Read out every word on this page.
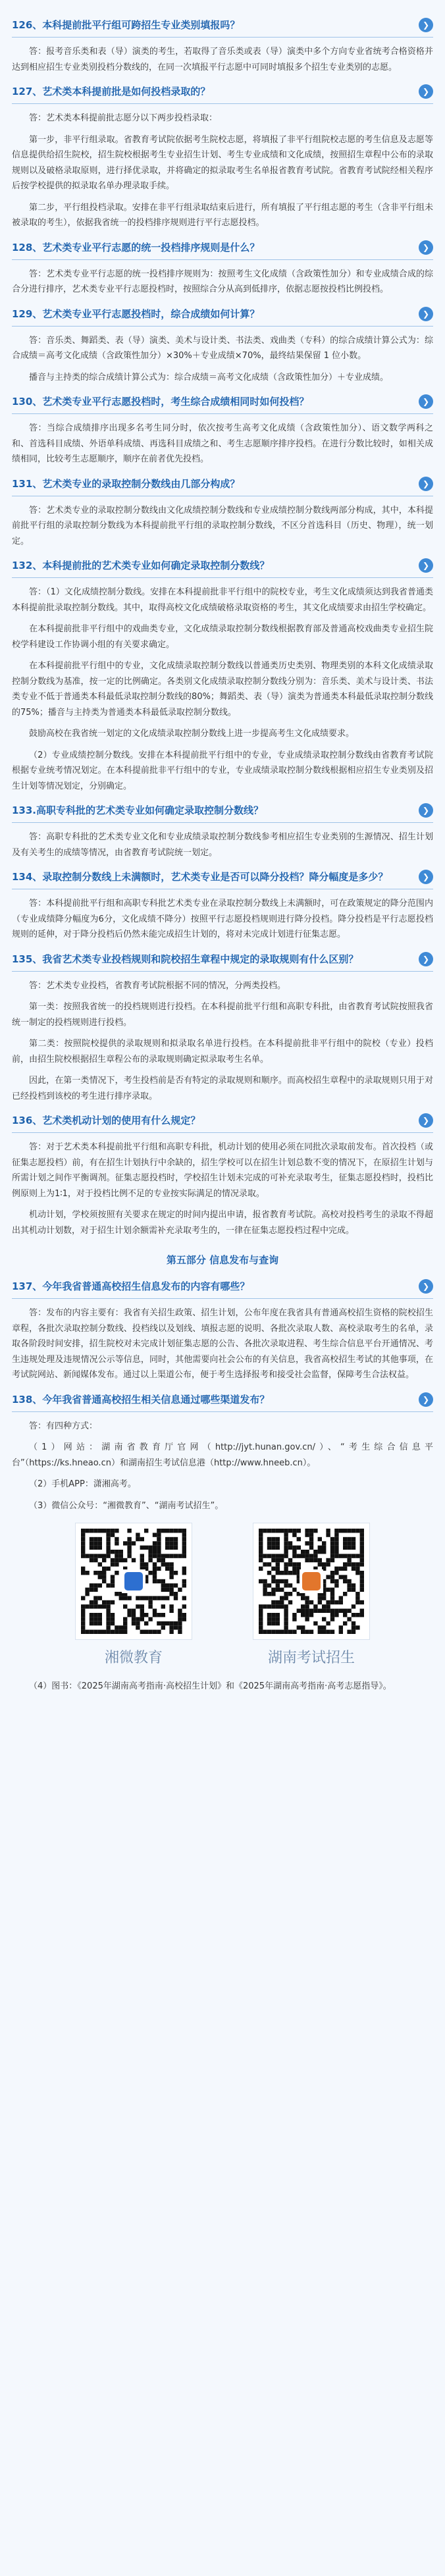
126、本科提前批平行组可跨招生专业类别填报吗？	❯

答：报考音乐类和表（导）演类的考生，若取得了音乐类或表（导）演类中多个方向专业省统考合格资格并达到相应招生专业类别投档分数线的，在同一次填报平行志愿中可同时填报多个招生专业类别的志愿。

127、艺术类本科提前批是如何投档录取的？	❯

答：艺术类本科提前批志愿分以下两步投档录取：

第一步，非平行组录取。省教育考试院依据考生院校志愿，将填报了非平行组院校志愿的考生信息及志愿等信息提供给招生院校，招生院校根据考生专业招生计划、考生专业成绩和文化成绩，按照招生章程中公布的录取规则以及破格录取原则，进行择优录取，并将确定的拟录取考生名单报省教育考试院。省教育考试院经相关程序后按学校提供的拟录取名单办理录取手续。

第二步，平行组投档录取。安排在非平行组录取结束后进行，所有填报了平行组志愿的考生（含非平行组未被录取的考生），依据我省统一的投档排序规则进行平行志愿投档。

128、艺术类专业平行志愿的统一投档排序规则是什么？	❯

答：艺术类专业平行志愿的统一投档排序规则为：按照考生文化成绩（含政策性加分）和专业成绩合成的综合分进行排序，艺术类专业平行志愿投档时，按照综合分从高到低排序，依据志愿按投档比例投档。

129、艺术类专业平行志愿投档时，综合成绩如何计算？	❯

答：音乐类、舞蹈类、表（导）演类、美术与设计类、书法类、戏曲类（专科）的综合成绩计算公式为：综合成绩＝高考文化成绩（含政策性加分）×30%＋专业成绩×70%，最终结果保留 1 位小数。

播音与主持类的综合成绩计算公式为：综合成绩＝高考文化成绩（含政策性加分）＋专业成绩。

130、艺术类专业平行志愿投档时，考生综合成绩相同时如何投档？	❯

答：当综合成绩排序出现多名考生同分时，依次按考生高考文化成绩（含政策性加分）、语文数学两科之和、首选科目成绩、外语单科成绩、再选科目成绩之和、考生志愿顺序排序投档。在进行分数比较时，如相关成绩相同，比较考生志愿顺序，顺序在前者优先投档。

131、艺术类专业的录取控制分数线由几部分构成？	❯

答：艺术类专业的录取控制分数线由文化成绩控制分数线和专业成绩控制分数线两部分构成，其中，本科提前批平行组的录取控制分数线为本科提前批平行组的录取控制分数线，不区分首选科目（历史、物理），统一划定。

132、本科提前批的艺术类专业如何确定录取控制分数线？	❯

答：（1）文化成绩控制分数线。安排在本科提前批非平行组中的院校专业，考生文化成绩须达到我省普通类本科提前批录取控制分数线。其中，取得高校文化成绩破格录取资格的考生，其文化成绩要求由招生学校确定。

在本科提前批非平行组中的戏曲类专业，文化成绩录取控制分数线根据教育部及普通高校戏曲类专业招生院校学科建设工作协调小组的有关要求确定。

在本科提前批平行组中的专业，文化成绩录取控制分数线以普通类历史类别、物理类别的本科文化成绩录取控制分数线为基准，按一定的比例确定。各类别文化成绩录取控制分数线分别为：音乐类、美术与设计类、书法类专业不低于普通类本科最低录取控制分数线的80%；舞蹈类、表（导）演类为普通类本科最低录取控制分数线的75%；播音与主持类为普通类本科最低录取控制分数线。

鼓励高校在我省统一划定的文化成绩录取控制分数线上进一步提高考生文化成绩要求。

（2）专业成绩控制分数线。安排在本科提前批平行组中的专业，专业成绩录取控制分数线由省教育考试院根据专业统考情况划定。在本科提前批非平行组中的专业，专业成绩录取控制分数线根据相应招生专业类别及招生计划等情况划定，分别确定。

133.高职专科批的艺术类专业如何确定录取控制分数线？	❯

答：高职专科批的艺术类专业文化和专业成绩录取控制分数线参考相应招生专业类别的生源情况、招生计划及有关考生的成绩等情况，由省教育考试院统一划定。

134、录取控制分数线上未满额时，艺术类专业是否可以降分投档？降分幅度是多少？	❯

答：本科提前批平行组和高职专科批艺术类专业在录取控制分数线上未满额时，可在政策规定的降分范围内（专业成绩降分幅度为6分，文化成绩不降分）按照平行志愿投档规则进行降分投档。降分投档是平行志愿投档规则的延伸，对于降分投档后仍然未能完成招生计划的，将对未完成计划进行征集志愿。

135、我省艺术类专业投档规则和院校招生章程中规定的录取规则有什么区别？	❯

答：艺术类专业投档，省教育考试院根据不同的情况，分两类投档。

第一类：按照我省统一的投档规则进行投档。在本科提前批平行组和高职专科批，由省教育考试院按照我省统一制定的投档规则进行投档。

第二类：按照院校提供的录取规则和拟录取名单进行投档。在本科提前批非平行组中的院校（专业）投档前，由招生院校根据招生章程公布的录取规则确定拟录取考生名单。

因此，在第一类情况下，考生投档前是否有特定的录取规则和顺序。而高校招生章程中的录取规则只用于对已经投档到该校的考生进行排序录取。

136、艺术类机动计划的使用有什么规定？	❯

答：对于艺术类本科提前批平行组和高职专科批，机动计划的使用必须在同批次录取前发布。首次投档（或征集志愿投档）前，有在招生计划执行中余缺的，招生学校可以在招生计划总数不变的情况下，在原招生计划与所需计划之间作平衡调剂。征集志愿投档时，学校招生计划未完成的可补充录取考生，征集志愿投档时，投档比例原则上为1∶1，对于投档比例不足的专业按实际满足的情况录取。

机动计划，学校须按照有关要求在规定的时间内提出申请，报省教育考试院。高校对投档考生的录取不得超出其机动计划数，对于招生计划余额需补充录取考生的，一律在征集志愿投档过程中完成。

第五部分 信息发布与查询
137、今年我省普通高校招生信息发布的内容有哪些？	❯

答：发布的内容主要有：我省有关招生政策、招生计划，公布年度在我省具有普通高校招生资格的院校招生章程，各批次录取控制分数线、投档线以及划线、填报志愿的说明、各批次录取人数、高校录取考生的名单，录取各阶段时间安排，招生院校对未完成计划征集志愿的公告、各批次录取进程、考生综合信息平台开通情况、考生违规处理及违规情况公示等信息，同时，其他需要向社会公布的有关信息，我省高校招生考试的其他事项，在考试院网站、新闻媒体发布。通过以上渠道公布，便于考生选择报考和接受社会监督，保障考生合法权益。

138、今年我省普通高校招生相关信息通过哪些渠道发布？	❯

答：有四种方式：

（1）网站：湖南省教育厅官网（http://jyt.hunan.gov.cn/）、“考生综合信息平台”（https://ks.hneao.cn）和湖南招生考试信息港（http://www.hneeb.cn）。

（2）手机APP：潇湘高考。

（3）微信公众号：“湘微教育”、“湖南考试招生”。

湘微教育	湖南考试招生

（4）图书：《2025年湖南高考指南·高校招生计划》和《2025年湖南高考指南·高考志愿指导》。
